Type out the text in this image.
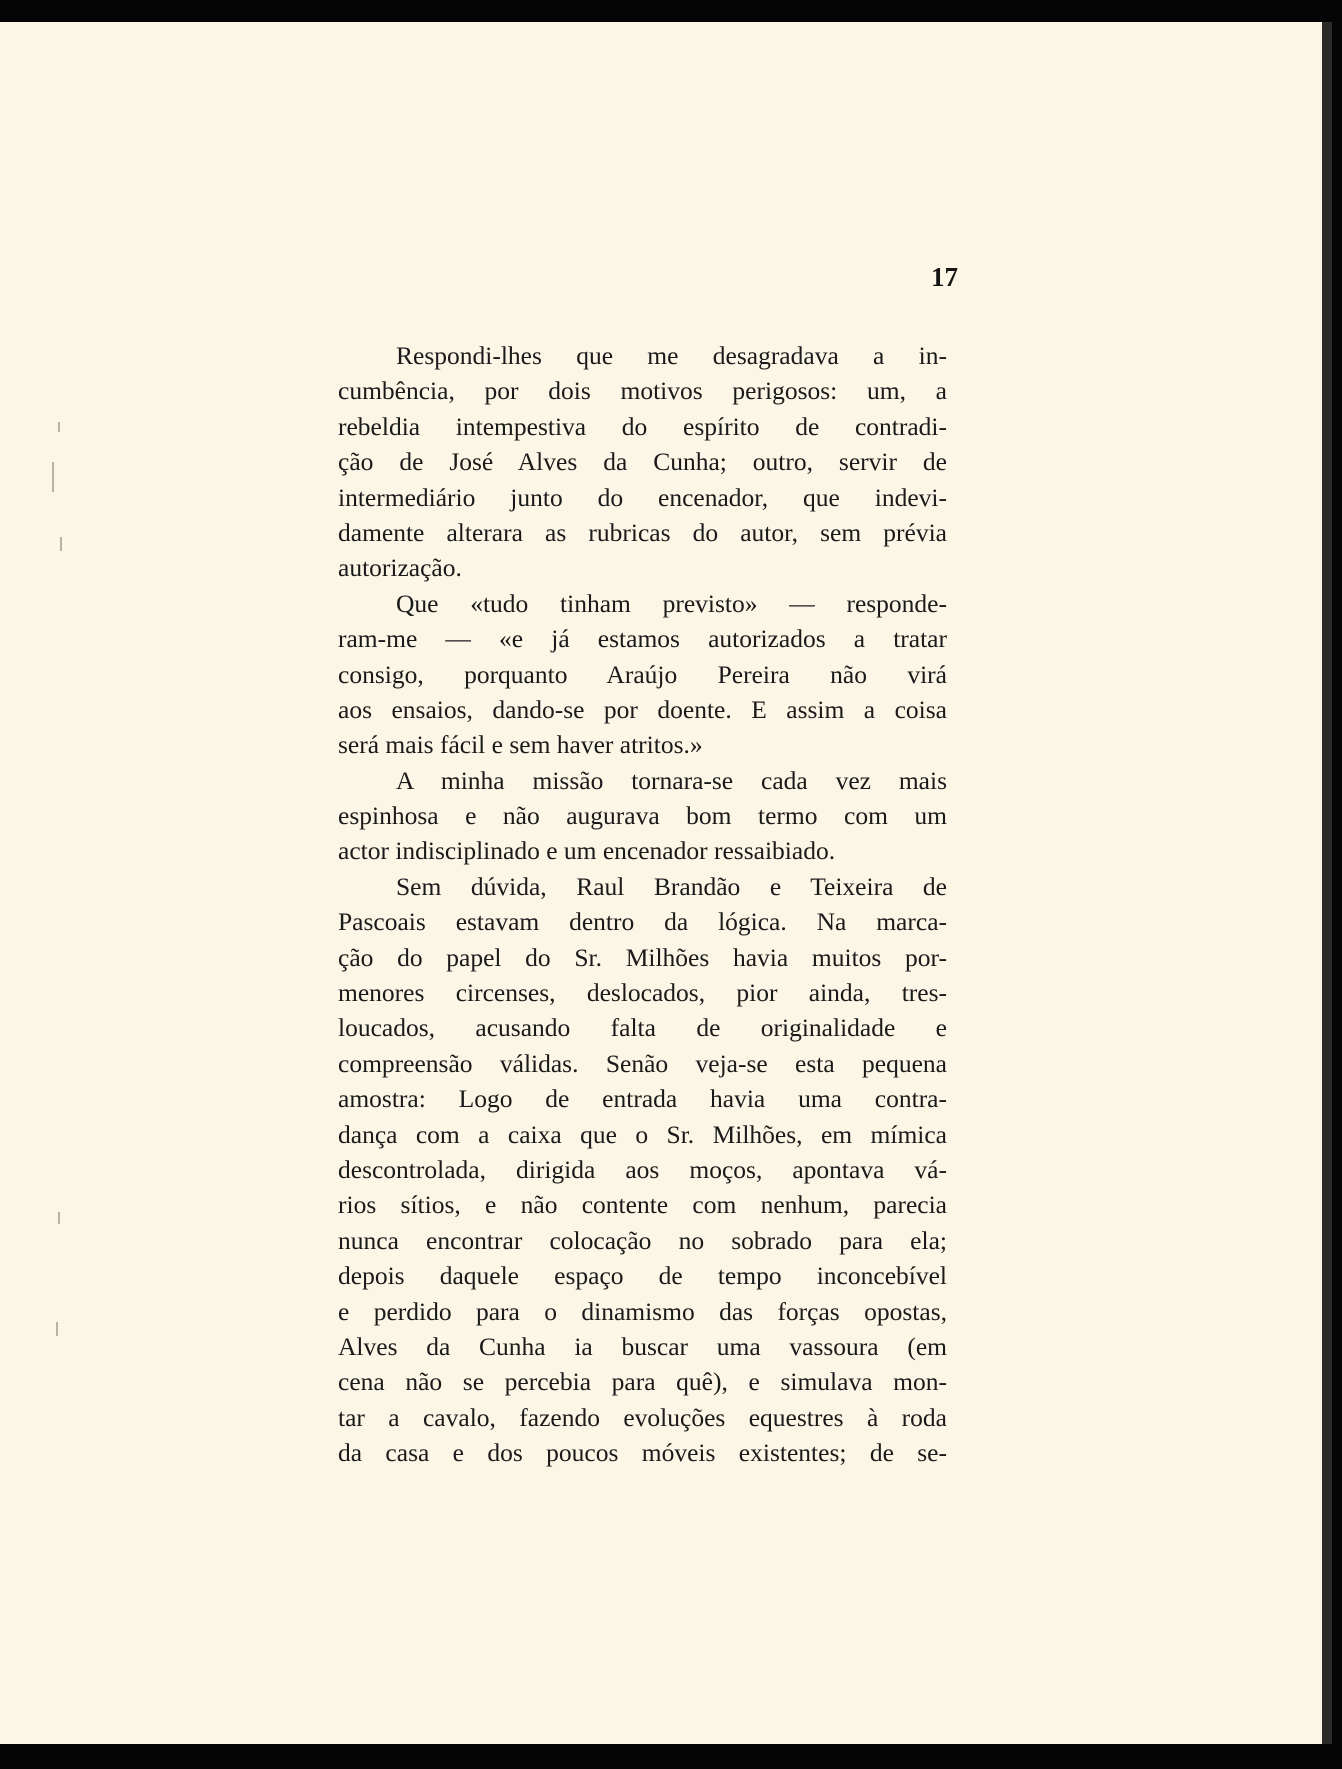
17
Respondi-lhes que me desagradava a in-
cumbência, por dois motivos perigosos: um, a
rebeldia intempestiva do espírito de contradi-
ção de José Alves da Cunha; outro, servir de
intermediário junto do encenador, que indevi-
damente alterara as rubricas do autor, sem prévia
autorização.
Que «tudo tinham previsto» — responde-
ram-me — «e já estamos autorizados a tratar
consigo, porquanto Araújo Pereira não virá
aos ensaios, dando-se por doente. E assim a coisa
será mais fácil e sem haver atritos.»
A minha missão tornara-se cada vez mais
espinhosa e não augurava bom termo com um
actor indisciplinado e um encenador ressaibiado.
Sem dúvida, Raul Brandão e Teixeira de
Pascoais estavam dentro da lógica. Na marca-
ção do papel do Sr. Milhões havia muitos por-
menores circenses, deslocados, pior ainda, tres-
loucados, acusando falta de originalidade e
compreensão válidas. Senão veja-se esta pequena
amostra: Logo de entrada havia uma contra-
dança com a caixa que o Sr. Milhões, em mímica
descontrolada, dirigida aos moços, apontava vá-
rios sítios, e não contente com nenhum, parecia
nunca encontrar colocação no sobrado para ela;
depois daquele espaço de tempo inconcebível
e perdido para o dinamismo das forças opostas,
Alves da Cunha ia buscar uma vassoura (em
cena não se percebia para quê), e simulava mon-
tar a cavalo, fazendo evoluções equestres à roda
da casa e dos poucos móveis existentes; de se-
